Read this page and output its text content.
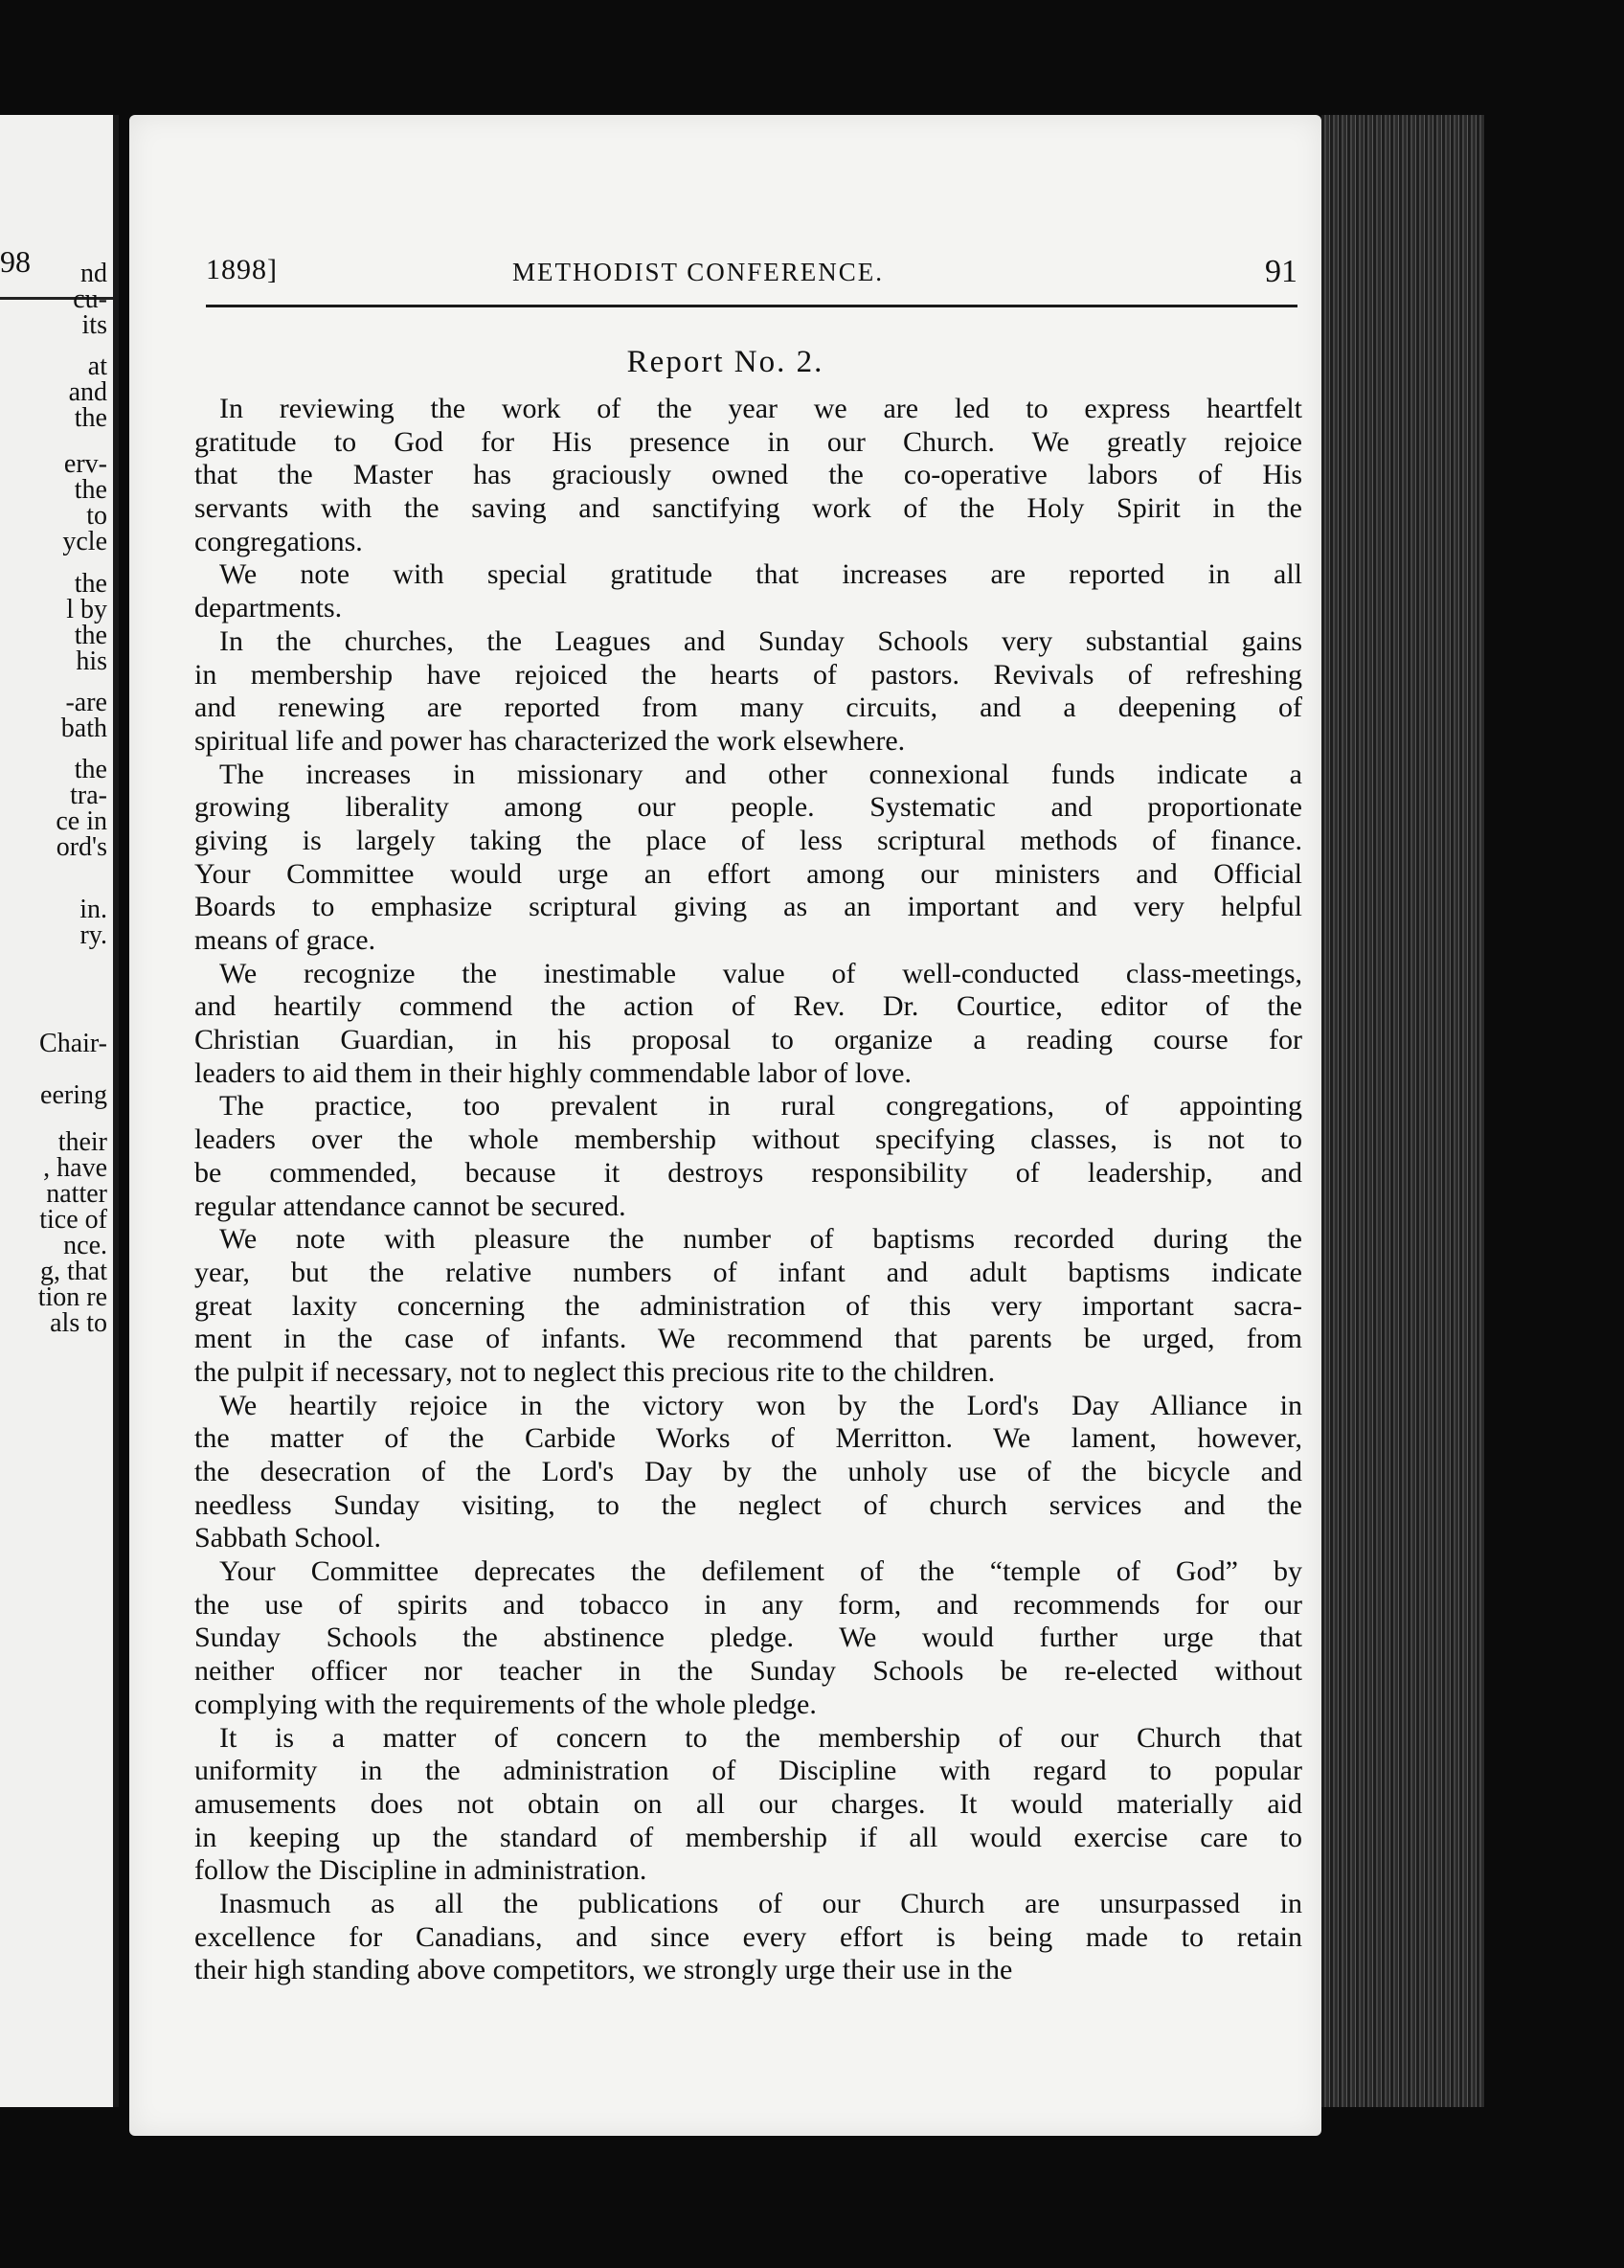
98	nd
cu-
its
at
and
the
erv-
the
to
ycle
the
l by
the
his
-are
bath
the
tra-
ce in
ord's
in.
ry.
Chair-
eering
their
, have
natter
tice of
nce.
g, that
tion re
als to
1898]	METHODIST CONFERENCE.	91
Report No. 2.
In reviewing the work of the year we are led to express heartfelt
gratitude to God for His presence in our Church. We greatly rejoice
that the Master has graciously owned the co-operative labors of His
servants with the saving and sanctifying work of the Holy Spirit in the
congregations.
We note with special gratitude that increases are reported in all
departments.
In the churches, the Leagues and Sunday Schools very substantial gains
in membership have rejoiced the hearts of pastors. Revivals of refreshing
and renewing are reported from many circuits, and a deepening of
spiritual life and power has characterized the work elsewhere.
The increases in missionary and other connexional funds indicate a
growing liberality among our people. Systematic and proportionate
giving is largely taking the place of less scriptural methods of finance.
Your Committee would urge an effort among our ministers and Official
Boards to emphasize scriptural giving as an important and very helpful
means of grace.
We recognize the inestimable value of well-conducted class-meetings,
and heartily commend the action of Rev. Dr. Courtice, editor of the
Christian Guardian, in his proposal to organize a reading course for
leaders to aid them in their highly commendable labor of love.
The practice, too prevalent in rural congregations, of appointing
leaders over the whole membership without specifying classes, is not to
be commended, because it destroys responsibility of leadership, and
regular attendance cannot be secured.
We note with pleasure the number of baptisms recorded during the
year, but the relative numbers of infant and adult baptisms indicate
great laxity concerning the administration of this very important sacra-
ment in the case of infants. We recommend that parents be urged, from
the pulpit if necessary, not to neglect this precious rite to the children.
We heartily rejoice in the victory won by the Lord's Day Alliance in
the matter of the Carbide Works of Merritton. We lament, however,
the desecration of the Lord's Day by the unholy use of the bicycle and
needless Sunday visiting, to the neglect of church services and the
Sabbath School.
Your Committee deprecates the defilement of the “temple of God” by
the use of spirits and tobacco in any form, and recommends for our
Sunday Schools the abstinence pledge. We would further urge that
neither officer nor teacher in the Sunday Schools be re-elected without
complying with the requirements of the whole pledge.
It is a matter of concern to the membership of our Church that
uniformity in the administration of Discipline with regard to popular
amusements does not obtain on all our charges. It would materially aid
in keeping up the standard of membership if all would exercise care to
follow the Discipline in administration.
Inasmuch as all the publications of our Church are unsurpassed in
excellence for Canadians, and since every effort is being made to retain
their high standing above competitors, we strongly urge their use in the
